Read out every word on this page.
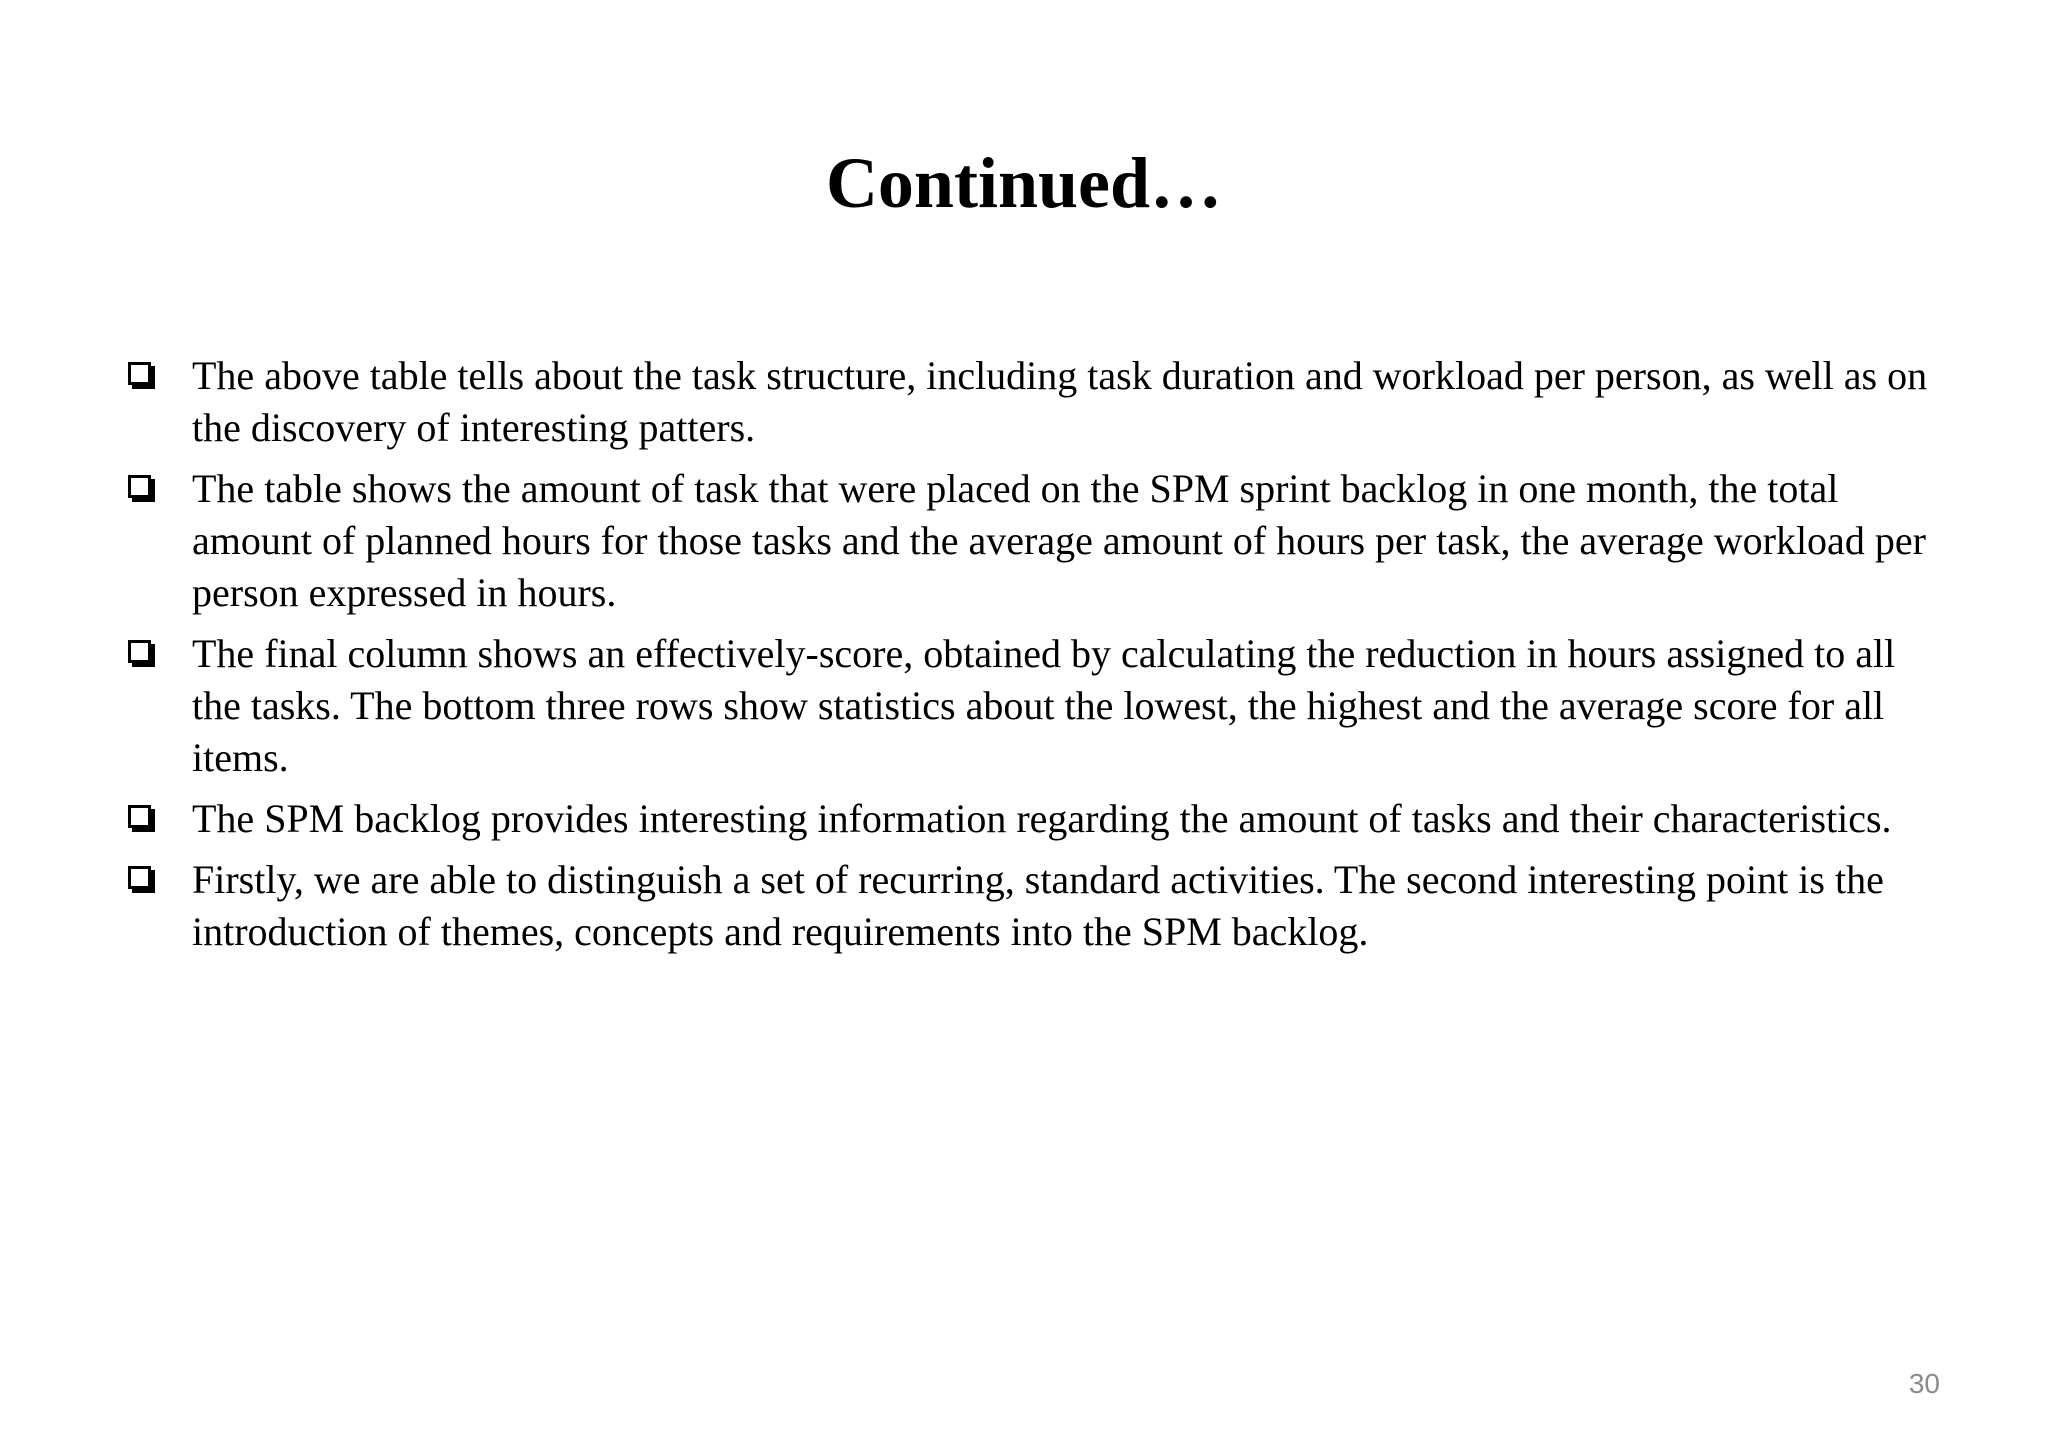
Continued…
The above table tells about the task structure, including task duration and workload per person, as well as on the discovery of interesting patters.
The table shows the amount of task that were placed on the SPM sprint backlog in one month, the total amount of planned hours for those tasks and the average amount of hours per task, the average workload per person expressed in hours.
The final column shows an effectively-score, obtained by calculating the reduction in hours assigned to all the tasks. The bottom three rows show statistics about the lowest, the highest and the average score for all items.
The SPM backlog provides interesting information regarding the amount of tasks and their characteristics.
Firstly, we are able to distinguish a set of recurring, standard activities. The second interesting point is the introduction of themes, concepts and requirements into the SPM backlog.
30
